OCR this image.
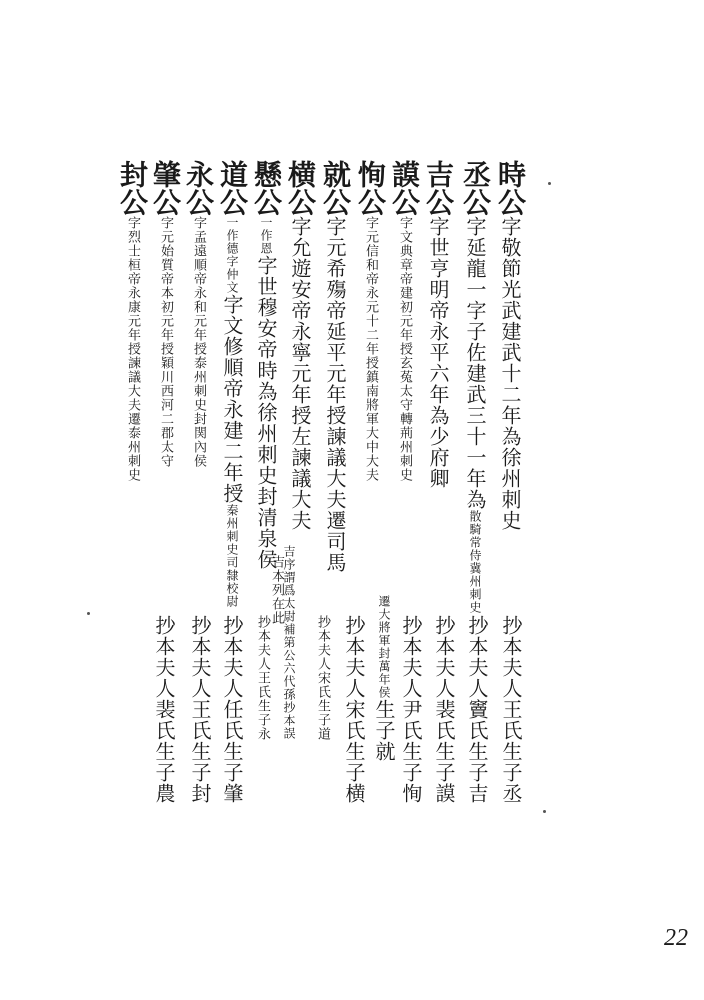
時公字敬節光武建武十二年為徐州刺史
丞公字延龍一字子佐建武三十一年為散騎常侍冀州刺史
吉公字世亨明帝永平六年為少府卿
謨公字文典章帝建初元年授玄菟太守轉荊州刺史
恂公字元信和帝永元十二年授鎮南將軍大中大夫
就公字元希殤帝延平元年授諫議大夫遷司馬
横公字允遊安帝永寧元年授左諫議大夫
懸公一作恩字世穆安帝時為徐州刺史封清泉侯
道公一作德字仲文字文修順帝永建二年授秦州刺史司隸校尉
永公字孟遠順帝永和元年授泰州刺史封関內侯
肇公字元始質帝本初元年授穎川西河二郡太守
封公字烈士桓帝永康元年授諫議大夫遷泰州刺史
抄本夫人王氏生子丞
抄本夫人竇氏生子吉
抄本夫人裴氏生子謨
抄本夫人尹氏生子恂
遷大將軍封萬年侯生子就
抄本夫人宋氏生子横
抄本夫人宋氏生子道
吉序謂爲太尉補第公六代孫抄本誤
抄本夫人王氏生子永
吉本列在此
抄本夫人任氏生子肇
抄本夫人王氏生子封
抄本夫人裴氏生子農
22
